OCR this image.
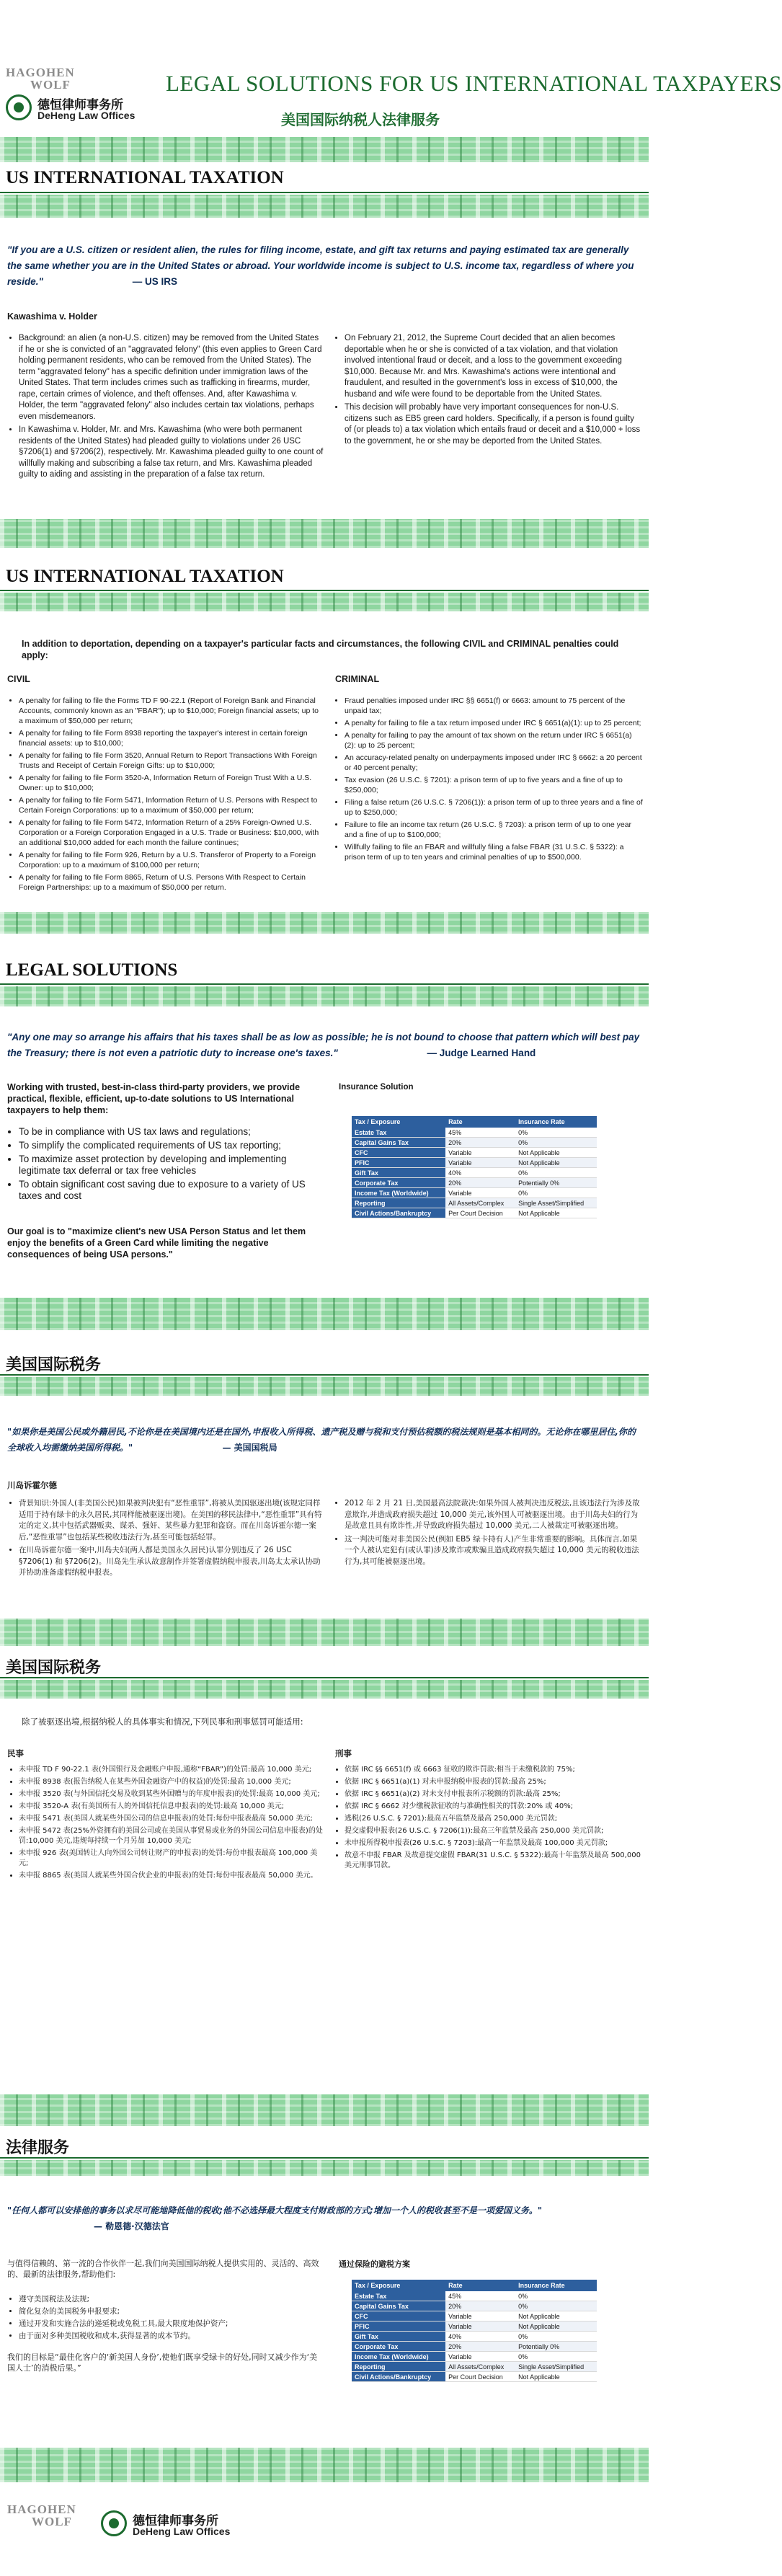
HAGOHEN
WOLF	LEGAL SOLUTIONS FOR US INTERNATIONAL TAXPAYERS
德恒律师事务所
DeHeng Law Offices	美国国际纳税人法律服务
US INTERNATIONAL TAXATION
"If you are a U.S. citizen or resident alien, the rules for filing income, estate, and gift tax returns and paying estimated tax are generally the same whether you are in the United States or abroad. Your worldwide income is subject to U.S. income tax, regardless of where you reside."	— US IRS
Kawashima v. Holder
• Background: an alien (a non-U.S. citizen) may be removed from the United States if he or she is convicted of an "aggravated felony" (this even applies to Green Card holding permanent residents, who can be removed from the United States). The term "aggravated felony" has a specific definition under immigration laws of the United States. That term includes crimes such as trafficking in firearms, murder, rape, certain crimes of violence, and theft offenses. And, after Kawashima v. Holder, the term "aggravated felony" also includes certain tax violations, perhaps even misdemeanors.
• In Kawashima v. Holder, Mr. and Mrs. Kawashima (who were both permanent residents of the United States) had pleaded guilty to violations under 26 USC §7206(1) and §7206(2), respectively. Mr. Kawashima pleaded guilty to one count of willfully making and subscribing a false tax return, and Mrs. Kawashima pleaded guilty to aiding and assisting in the preparation of a false tax return.
• On February 21, 2012, the Supreme Court decided that an alien becomes deportable when he or she is convicted of a tax violation, and that violation involved intentional fraud or deceit, and a loss to the government exceeding $10,000. Because Mr. and Mrs. Kawashima's actions were intentional and fraudulent, and resulted in the government's loss in excess of $10,000, the husband and wife were found to be deportable from the United States.
• This decision will probably have very important consequences for non-U.S. citizens such as EB5 green card holders. Specifically, if a person is found guilty of (or pleads to) a tax violation which entails fraud or deceit and a $10,000 + loss to the government, he or she may be deported from the United States.
US INTERNATIONAL TAXATION
In addition to deportation, depending on a taxpayer's particular facts and circumstances, the following CIVIL and CRIMINAL penalties could apply:
CIVIL	CRIMINAL
• A penalty for failing to file the Forms TD F 90-22.1 (Report of Foreign Bank and Financial Accounts, commonly known as an "FBAR"); up to $10,000; Foreign financial assets; up to a maximum of $50,000 per return;
• A penalty for failing to file Form 8938 reporting the taxpayer's interest in certain foreign financial assets: up to $10,000;
• A penalty for failing to file Form 3520, Annual Return to Report Transactions With Foreign Trusts and Receipt of Certain Foreign Gifts: up to $10,000;
• A penalty for failing to file Form 3520-A, Information Return of Foreign Trust With a U.S. Owner: up to $10,000;
• A penalty for failing to file Form 5471, Information Return of U.S. Persons with Respect to Certain Foreign Corporations: up to a maximum of $50,000 per return;
• A penalty for failing to file Form 5472, Information Return of a 25% Foreign-Owned U.S. Corporation or a Foreign Corporation Engaged in a U.S. Trade or Business: $10,000, with an additional $10,000 added for each month the failure continues;
• A penalty for failing to file Form 926, Return by a U.S. Transferor of Property to a Foreign Corporation: up to a maximum of $100,000 per return;
• A penalty for failing to file Form 8865, Return of U.S. Persons With Respect to Certain Foreign Partnerships: up to a maximum of $50,000 per return.
• Fraud penalties imposed under IRC §§ 6651(f) or 6663: amount to 75 percent of the unpaid tax;
• A penalty for failing to file a tax return imposed under IRC § 6651(a)(1): up to 25 percent;
• A penalty for failing to pay the amount of tax shown on the return under IRC § 6651(a)(2): up to 25 percent;
• An accuracy-related penalty on underpayments imposed under IRC § 6662: a 20 percent or 40 percent penalty;
• Tax evasion (26 U.S.C. § 7201): a prison term of up to five years and a fine of up to $250,000;
• Filing a false return (26 U.S.C. § 7206(1)): a prison term of up to three years and a fine of up to $250,000;
• Failure to file an income tax return (26 U.S.C. § 7203): a prison term of up to one year and a fine of up to $100,000;
• Willfully failing to file an FBAR and willfully filing a false FBAR (31 U.S.C. § 5322): a prison term of up to ten years and criminal penalties of up to $500,000.
LEGAL SOLUTIONS
"Any one may so arrange his affairs that his taxes shall be as low as possible; he is not bound to choose that pattern which will best pay the Treasury; there is not even a patriotic duty to increase one's taxes."	— Judge Learned Hand
Working with trusted, best-in-class third-party providers, we provide practical, flexible, efficient, up-to-date solutions to US International taxpayers to help them:
• To be in compliance with US tax laws and regulations;
• To simplify the complicated requirements of US tax reporting;
• To maximize asset protection by developing and implementing legitimate tax deferral or tax free vehicles
• To obtain significant cost saving due to exposure to a variety of US taxes and cost
Our goal is to "maximize client's new USA Person Status and let them enjoy the benefits of a Green Card while limiting the negative consequences of being USA persons."
Insurance Solution
Tax / Exposure	Rate	Insurance Rate
Estate Tax	45%	0%
Capital Gains Tax	20%	0%
CFC	Variable	Not Applicable
PFIC	Variable	Not Applicable
Gift Tax	40%	0%
Corporate Tax	20%	Potentially 0%
Income Tax (Worldwide)	Variable	0%
Reporting	All Assets/Complex	Single Asset/Simplified
Civil Actions/Bankruptcy	Per Court Decision	Not Applicable
美国国际税务
"如果你是美国公民或外籍居民,不论你是在美国境内还是在国外,申报收入所得税、遗产税及赠与税和支付预估税额的税法规则是基本相同的。无论你在哪里居住,你的全球收入均需缴纳美国所得税。"	— 美国国税局
川岛诉霍尔德
• 背景知识:外国人(非美国公民)如果被判决犯有“恶性重罪”,将被从美国驱逐出境(该规定同样适用于持有绿卡的永久居民,其同样能被驱逐出境)。在美国的移民法律中,“恶性重罪”具有特定的定义,其中包括武器贩卖、谋杀、强奸、某些暴力犯罪和盗窃。而在川岛诉霍尔德一案后,“恶性重罪”也包括某些税收违法行为,甚至可能包括轻罪。
• 在川岛诉霍尔德一案中,川岛夫妇(两人都是美国永久居民)认罪分别违反了 26 USC §7206(1) 和 §7206(2)。川岛先生承认故意制作并签署虚假纳税申报表,川岛太太承认协助并协助准备虚假纳税申报表。
• 2012 年 2 月 21 日,美国最高法院裁决:如果外国人被判决违反税法,且该违法行为涉及故意欺诈,并造成政府损失超过 10,000 美元,该外国人可被驱逐出境。由于川岛夫妇的行为是故意且具有欺诈性,并导致政府损失超过 10,000 美元,二人被裁定可被驱逐出境。
• 这一判决可能对非美国公民(例如 EB5 绿卡持有人)产生非常重要的影响。具体而言,如果一个人被认定犯有(或认罪)涉及欺诈或欺骗且造成政府损失超过 10,000 美元的税收违法行为,其可能被驱逐出境。
美国国际税务
除了被驱逐出境,根据纳税人的具体事实和情况,下列民事和刑事惩罚可能适用:
民事	刑事
• 未申报 TD F 90-22.1 表(外国银行及金融账户申报,通称“FBAR”)的处罚:最高 10,000 美元;
• 未申报 8938 表(报告纳税人在某些外国金融资产中的权益)的处罚:最高 10,000 美元;
• 未申报 3520 表(与外国信托交易及收到某些外国赠与的年度申报表)的处罚:最高 10,000 美元;
• 未申报 3520-A 表(有美国所有人的外国信托信息申报表)的处罚:最高 10,000 美元;
• 未申报 5471 表(美国人就某些外国公司的信息申报表)的处罚:每份申报表最高 50,000 美元;
• 未申报 5472 表(25%外资拥有的美国公司或在美国从事贸易或业务的外国公司信息申报表)的处罚:10,000 美元,违规每持续一个月另加 10,000 美元;
• 未申报 926 表(美国转让人向外国公司转让财产的申报表)的处罚:每份申报表最高 100,000 美元;
• 未申报 8865 表(美国人就某些外国合伙企业的申报表)的处罚:每份申报表最高 50,000 美元。
• 依据 IRC §§ 6651(f) 或 6663 征收的欺诈罚款:相当于未缴税款的 75%;
• 依据 IRC § 6651(a)(1) 对未申报纳税申报表的罚款:最高 25%;
• 依据 IRC § 6651(a)(2) 对未支付申报表所示税额的罚款:最高 25%;
• 依据 IRC § 6662 对少缴税款征收的与准确性相关的罚款:20% 或 40%;
• 逃税(26 U.S.C. § 7201):最高五年监禁及最高 250,000 美元罚款;
• 提交虚假申报表(26 U.S.C. § 7206(1)):最高三年监禁及最高 250,000 美元罚款;
• 未申报所得税申报表(26 U.S.C. § 7203):最高一年监禁及最高 100,000 美元罚款;
• 故意不申报 FBAR 及故意提交虚假 FBAR(31 U.S.C. § 5322):最高十年监禁及最高 500,000 美元刑事罚款。
法律服务
"任何人都可以安排他的事务以求尽可能地降低他的税收;他不必选择最大程度支付财政部的方式;增加一个人的税收甚至不是一项爱国义务。" — 勒恩德·汉德法官
与值得信赖的、第一流的合作伙伴一起,我们向美国国际纳税人提供实用的、灵活的、高效的、最新的法律服务,帮助他们:
• 遵守美国税法及法规;
• 简化复杂的美国税务申报要求;
• 通过开发和实施合法的递延税或免税工具,最大限度地保护资产;
• 由于面对多种美国税收和成本,获得显著的成本节约。
我们的目标是“最佳化客户的‘新美国人身份’,使他们既享受绿卡的好处,同时又减少作为‘美国人士’的消极后果。”
通过保险的避税方案
Tax / Exposure	Rate	Insurance Rate
Estate Tax	45%	0%
Capital Gains Tax	20%	0%
CFC	Variable	Not Applicable
PFIC	Variable	Not Applicable
Gift Tax	40%	0%
Corporate Tax	20%	Potentially 0%
Income Tax (Worldwide)	Variable	0%
Reporting	All Assets/Complex	Single Asset/Simplified
Civil Actions/Bankruptcy	Per Court Decision	Not Applicable
HAGOHEN
WOLF	德恒律师事务所
DeHeng Law Offices
